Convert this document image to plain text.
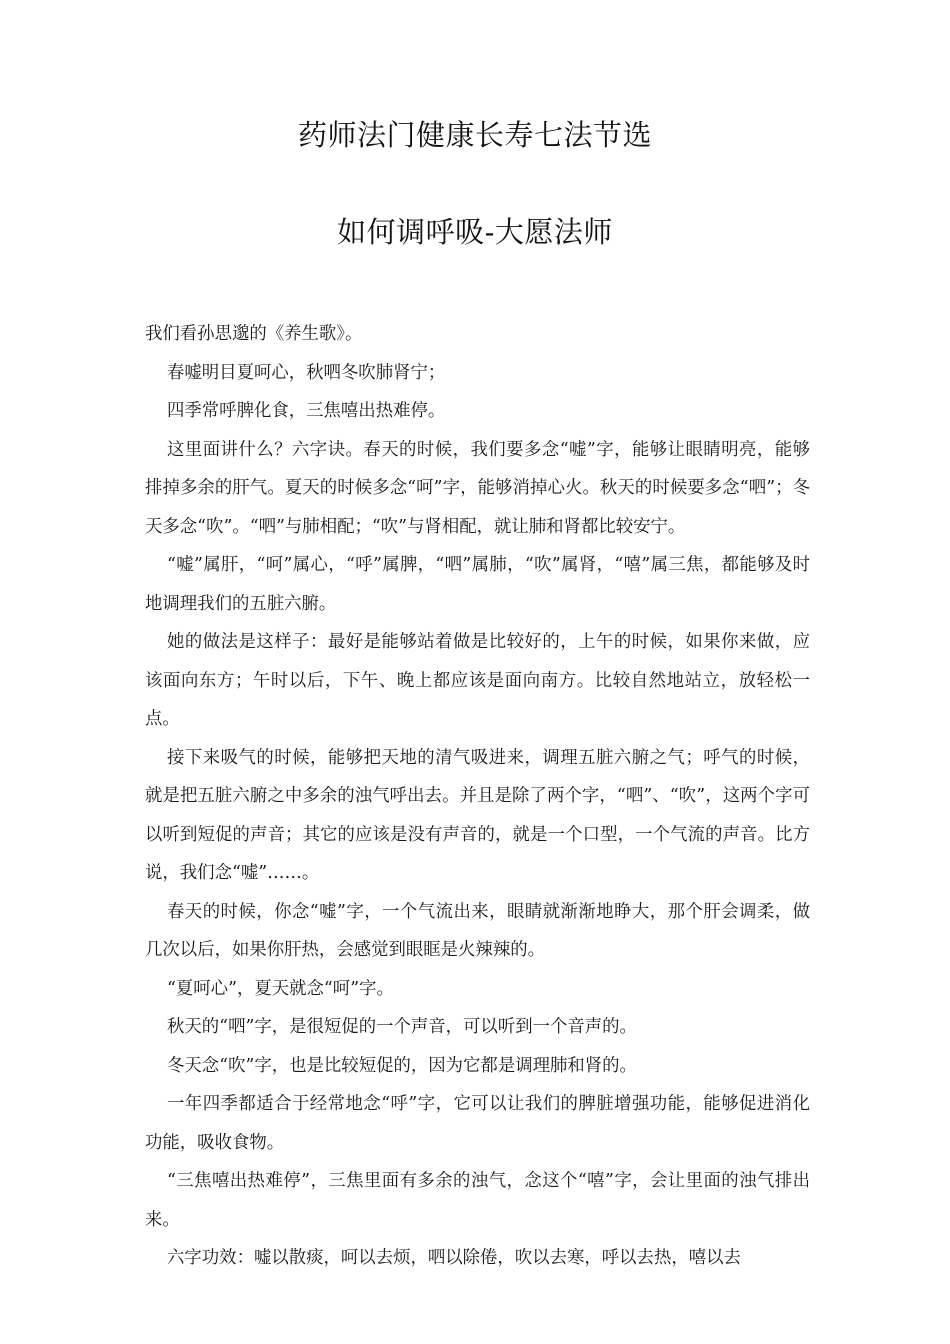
药师法门健康长寿七法节选
如何调呼吸-大愿法师

我们看孙思邈的《养生歌》。

春嘘明目夏呵心，秋呬冬吹肺肾宁；

四季常呼脾化食，三焦嘻出热难停。

这里面讲什么？六字诀。春天的时候，我们要多念“嘘”字，能够让眼睛明亮，能够排掉多余的肝气。夏天的时候多念“呵”字，能够消掉心火。秋天的时候要多念“呬”；冬天多念“吹”。“呬”与肺相配；“吹”与肾相配，就让肺和肾都比较安宁。

“嘘”属肝，“呵”属心，“呼”属脾，“呬”属肺，“吹”属肾，“嘻”属三焦，都能够及时地调理我们的五脏六腑。

她的做法是这样子：最好是能够站着做是比较好的，上午的时候，如果你来做，应该面向东方；午时以后，下午、晚上都应该是面向南方。比较自然地站立，放轻松一点。

接下来吸气的时候，能够把天地的清气吸进来，调理五脏六腑之气；呼气的时候，就是把五脏六腑之中多余的浊气呼出去。并且是除了两个字，“呬”、“吹”，这两个字可以听到短促的声音；其它的应该是没有声音的，就是一个口型，一个气流的声音。比方说，我们念“嘘”……。

春天的时候，你念“嘘”字，一个气流出来，眼睛就渐渐地睁大，那个肝会调柔，做几次以后，如果你肝热，会感觉到眼眶是火辣辣的。

“夏呵心”，夏天就念“呵”字。

秋天的“呬”字，是很短促的一个声音，可以听到一个音声的。

冬天念“吹”字，也是比较短促的，因为它都是调理肺和肾的。

一年四季都适合于经常地念“呼”字，它可以让我们的脾脏增强功能，能够促进消化功能，吸收食物。

“三焦嘻出热难停”，三焦里面有多余的浊气，念这个“嘻”字，会让里面的浊气排出来。

六字功效：嘘以散痰，呵以去烦，呬以除倦，吹以去寒，呼以去热，嘻以去
